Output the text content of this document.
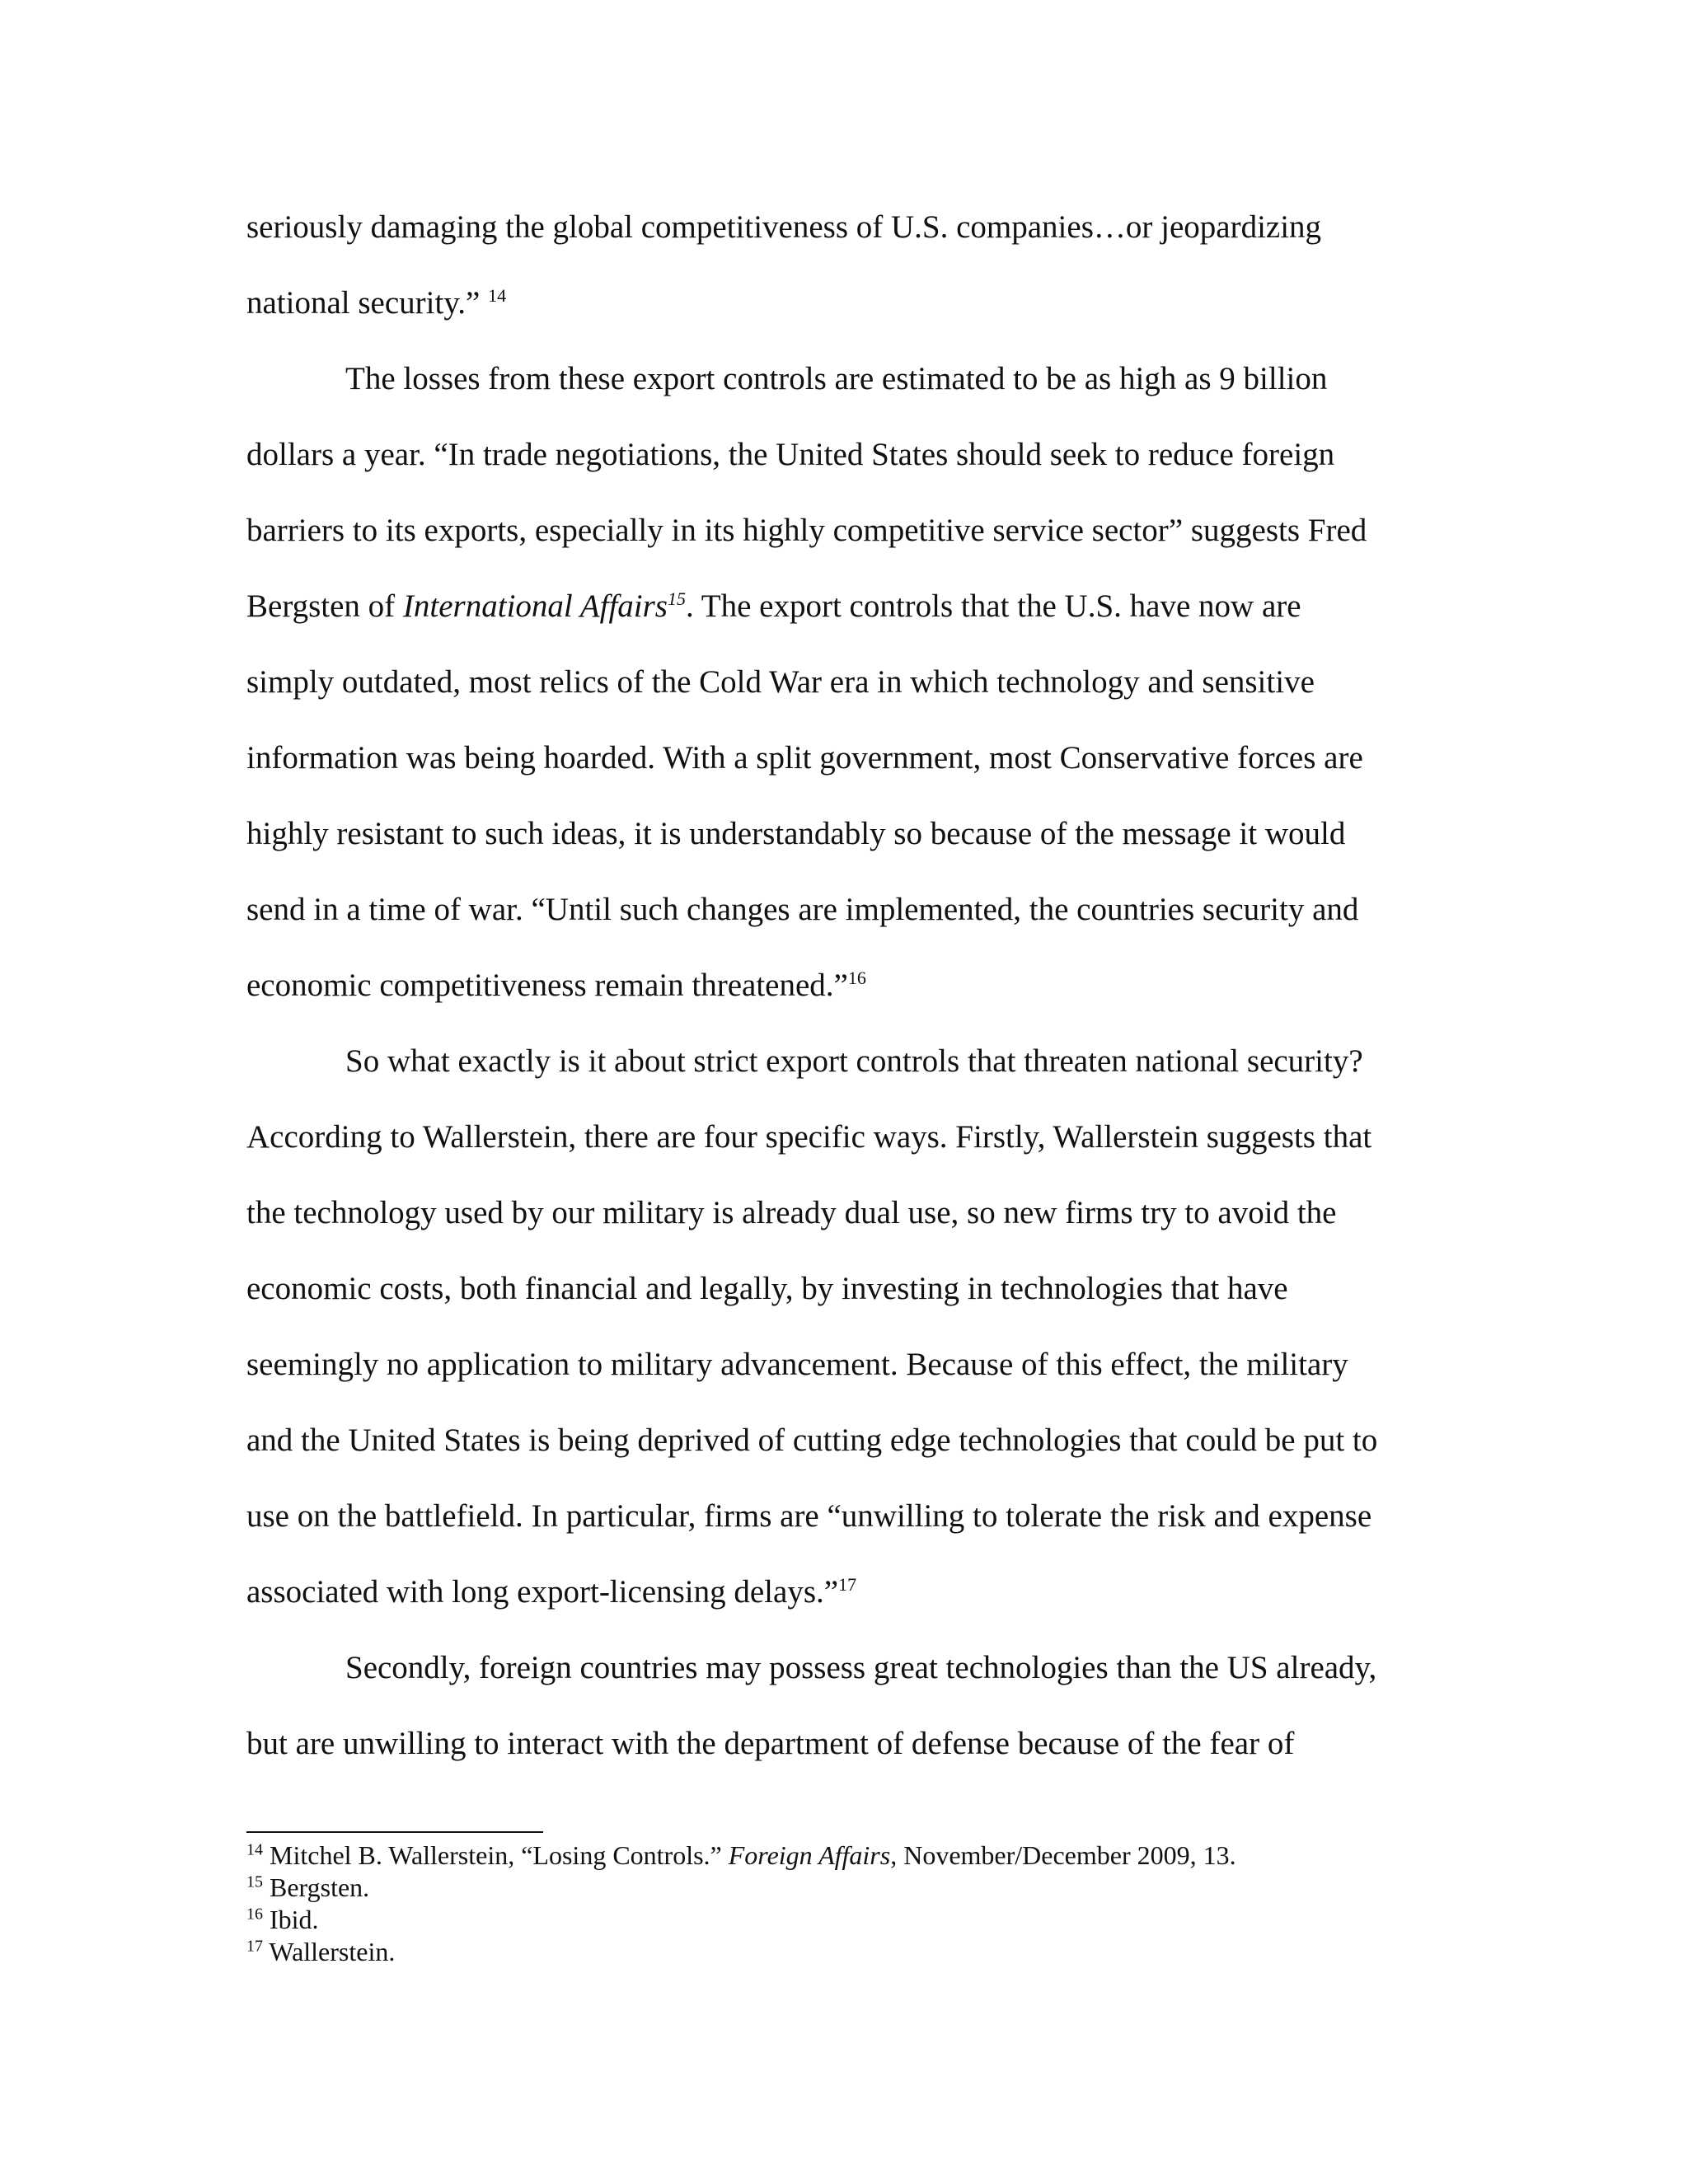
seriously damaging the global competitiveness of U.S. companies…or jeopardizing
national security.” $^{14}$
The losses from these export controls are estimated to be as high as 9 billion
dollars a year. “In trade negotiations, the United States should seek to reduce foreign
barriers to its exports, especially in its highly competitive service sector” suggests Fred
Bergsten of International Affairs$^{15}$. The export controls that the U.S. have now are
simply outdated, most relics of the Cold War era in which technology and sensitive
information was being hoarded. With a split government, most Conservative forces are
highly resistant to such ideas, it is understandably so because of the message it would
send in a time of war. “Until such changes are implemented, the countries security and
economic competitiveness remain threatened.”$^{16}$
So what exactly is it about strict export controls that threaten national security?
According to Wallerstein, there are four specific ways. Firstly, Wallerstein suggests that
the technology used by our military is already dual use, so new firms try to avoid the
economic costs, both financial and legally, by investing in technologies that have
seemingly no application to military advancement. Because of this effect, the military
and the United States is being deprived of cutting edge technologies that could be put to
use on the battlefield. In particular, firms are “unwilling to tolerate the risk and expense
associated with long export-licensing delays.”$^{17}$
Secondly, foreign countries may possess great technologies than the US already,
but are unwilling to interact with the department of defense because of the fear of
$^{14}$ Mitchel B. Wallerstein, “Losing Controls.” Foreign Affairs, November/December 2009, 13.
$^{15}$ Bergsten.
$^{16}$ Ibid.
$^{17}$ Wallerstein.
